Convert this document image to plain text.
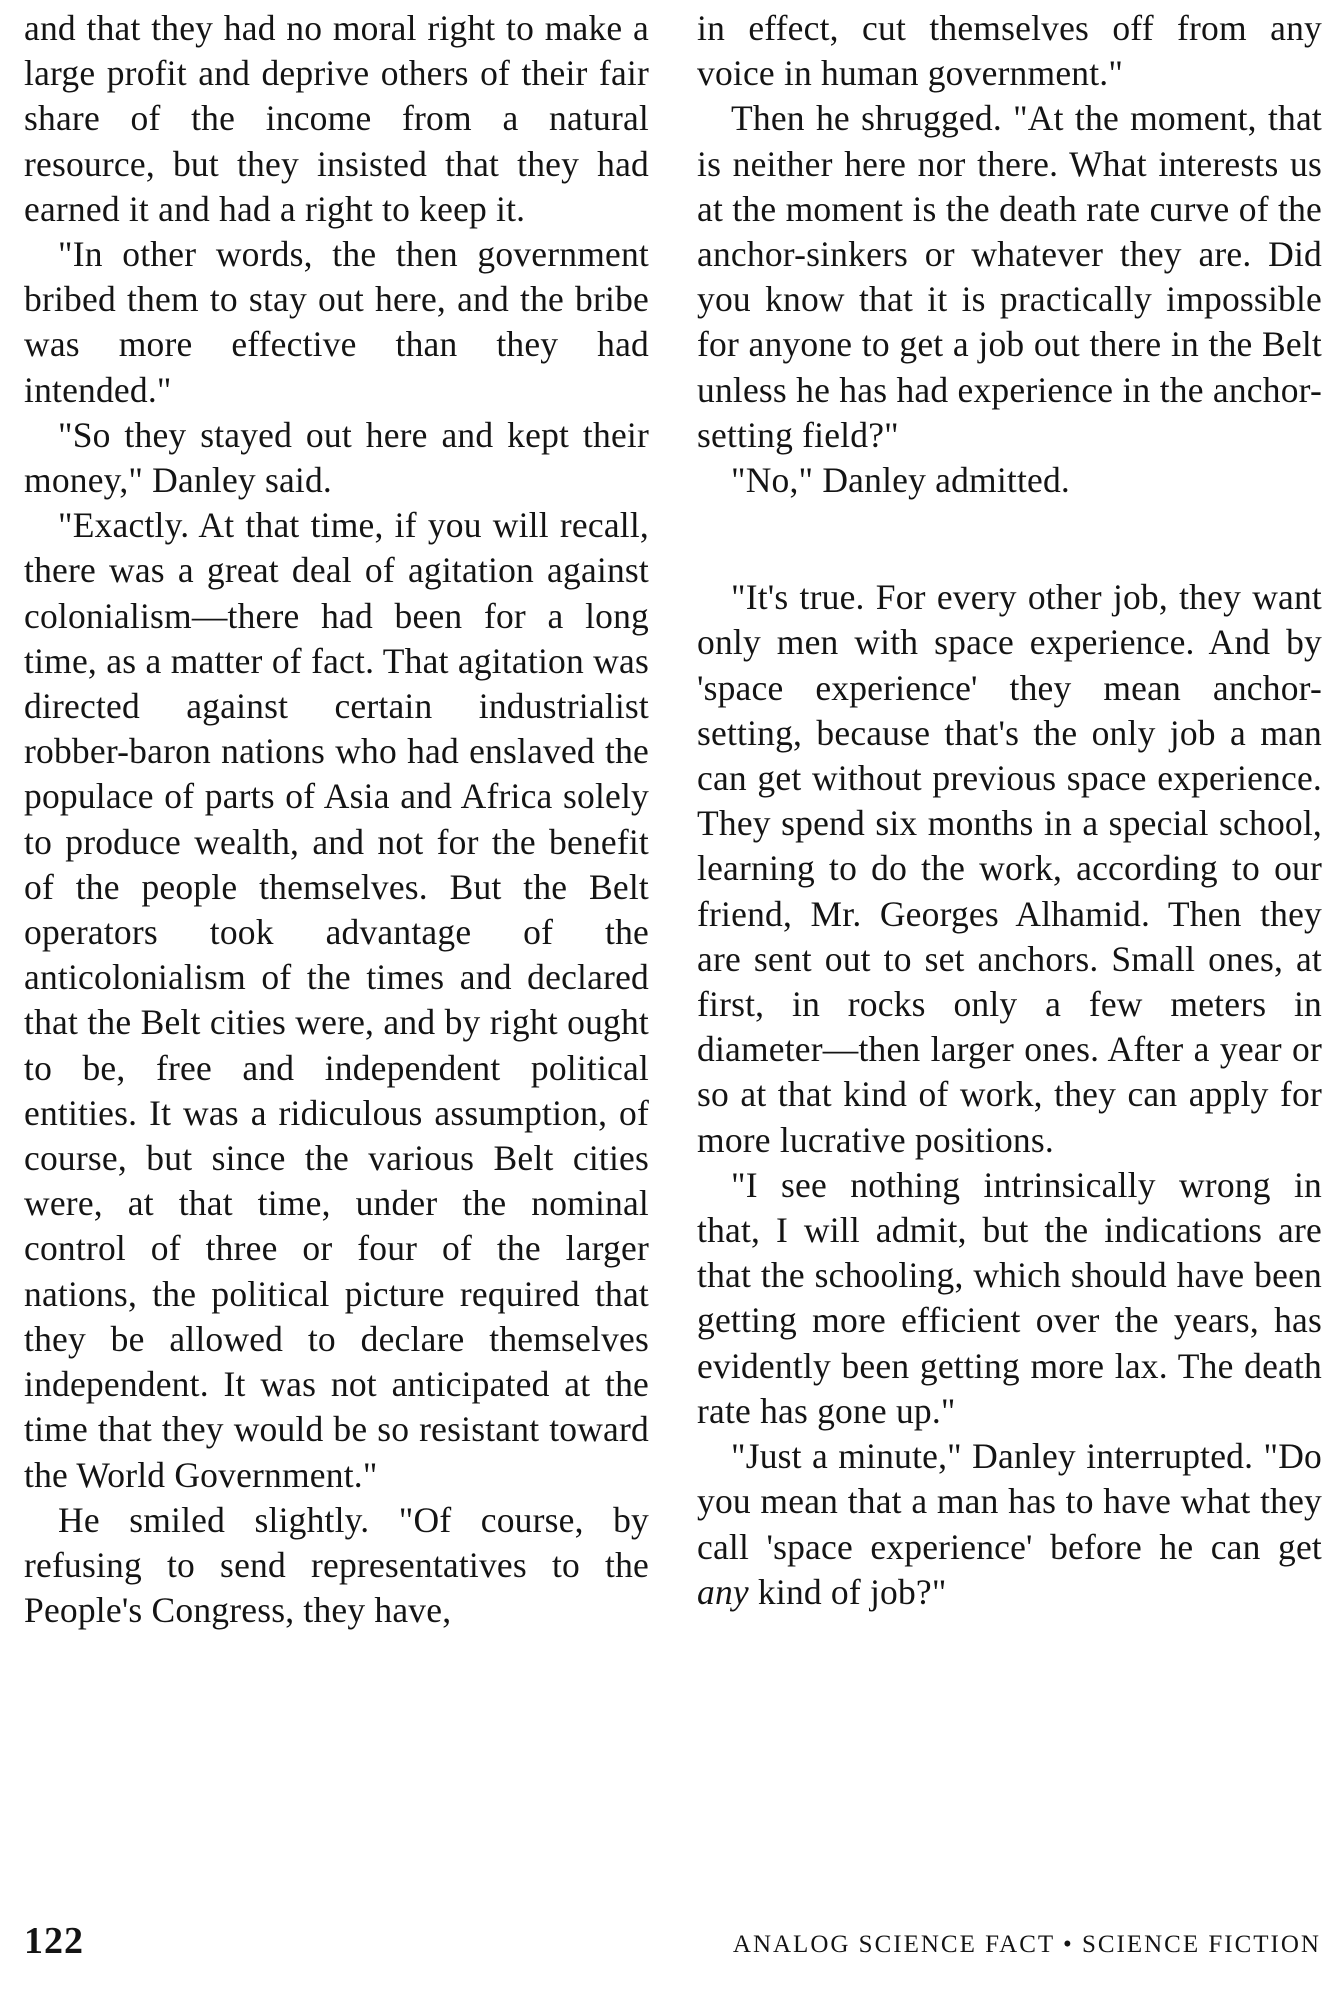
and that they had no moral right to make a large profit and deprive others of their fair share of the income from a natural resource, but they insisted that they had earned it and had a right to keep it.

"In other words, the then government bribed them to stay out here, and the bribe was more effective than they had intended."

"So they stayed out here and kept their money," Danley said.

"Exactly. At that time, if you will recall, there was a great deal of agitation against colonialism—there had been for a long time, as a matter of fact. That agitation was directed against certain industrialist robber-baron nations who had enslaved the populace of parts of Asia and Africa solely to produce wealth, and not for the benefit of the people themselves. But the Belt operators took advantage of the anticolonialism of the times and declared that the Belt cities were, and by right ought to be, free and independent political entities. It was a ridiculous assumption, of course, but since the various Belt cities were, at that time, under the nominal control of three or four of the larger nations, the political picture required that they be allowed to declare themselves independent. It was not anticipated at the time that they would be so resistant toward the World Government."

He smiled slightly. "Of course, by refusing to send representatives to the People's Congress, they have,

in effect, cut themselves off from any voice in human government."

Then he shrugged. "At the moment, that is neither here nor there. What interests us at the moment is the death rate curve of the anchor-sinkers or whatever they are. Did you know that it is practically impossible for anyone to get a job out there in the Belt unless he has had experience in the anchor-setting field?"

"No," Danley admitted.

"It's true. For every other job, they want only men with space experience. And by 'space experience' they mean anchor-setting, because that's the only job a man can get without previous space experience. They spend six months in a special school, learning to do the work, according to our friend, Mr. Georges Alhamid. Then they are sent out to set anchors. Small ones, at first, in rocks only a few meters in diameter—then larger ones. After a year or so at that kind of work, they can apply for more lucrative positions.

"I see nothing intrinsically wrong in that, I will admit, but the indications are that the schooling, which should have been getting more efficient over the years, has evidently been getting more lax. The death rate has gone up."

"Just a minute," Danley interrupted. "Do you mean that a man has to have what they call 'space experience' before he can get any kind of job?"

122	ANALOG SCIENCE FACT • SCIENCE FICTION
